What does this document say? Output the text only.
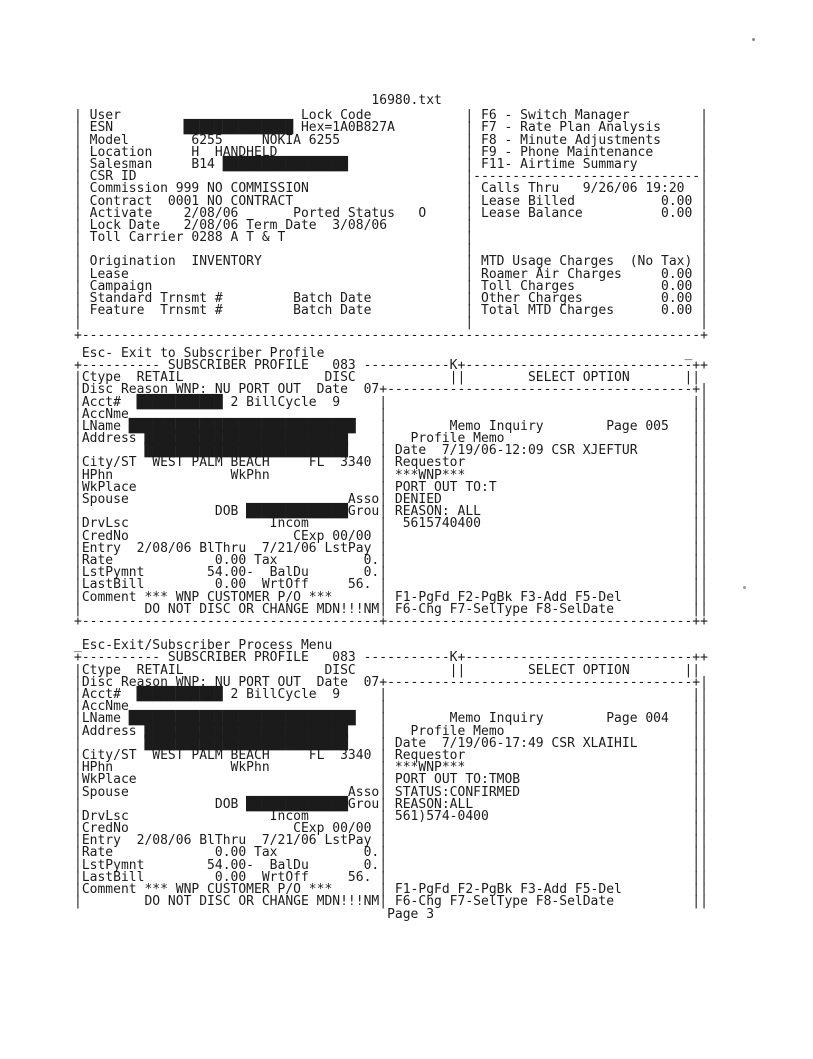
16980.txt
| User                       Lock Code            | F6 - Switch Manager         |
| ESN         ██████████████ Hex=1A0B827A         | F7 - Rate Plan Analysis     |
| Model        6255     NOKIA 6255                | F8 - Minute Adjustments     |
| Location     H  HANDHELD                        | F9 - Phone Maintenance      |
| Salesman     B14 ████████████████               | F11- Airtime Summary        |
| CSR ID                                          |-----------------------------|
| Commission 999 NO COMMISSION                    | Calls Thru   9/26/06 19:20  |
| Contract  0001 NO CONTRACT                      | Lease Billed           0.00 |
| Activate    2/08/06       Ported Status   O     | Lease Balance          0.00 |
| Lock Date   2/08/06 Term Date  3/08/06          |                             |
| Toll Carrier 0288 A T & T                       |                             |
|                                                 |                             |
| Origination  INVENTORY                          | MTD Usage Charges  (No Tax) |
| Lease                                           | Roamer Air Charges     0.00 |
| Campaign                                        | Toll Charges           0.00 |
| Standard Trnsmt #         Batch Date            | Other Charges          0.00 |
| Feature  Trnsmt #         Batch Date            | Total MTD Charges      0.00 |
|                                                 |                             |
+-------------------------------------------------------------------------------+
Esc- Exit to Subscriber Profile                                              _
+---------- SUBSCRIBER PROFILE   083 -----------K+-----------------------------++
|Ctype  RETAIL                  DISC            ||        SELECT OPTION       ||
|Disc Reason WNP: NU PORT OUT  Date  07+---------------------------------------+|
|Acct#  ███████████ 2 BillCycle  9     |                                       ||
|AccNme                                |                                       ||
|LName █████████████████████████████   |        Memo Inquiry        Page 005   ||
|Address ██████████████████████████    |   Profile Memo                        ||
|        ██████████████████████████    | Date  7/19/06-12:09 CSR XJEFTUR       ||
|City/ST  WEST PALM BEACH     FL  3340 | Requestor                             ||
|HPhn               WkPhn              | ***WNP***                             ||
|WkPlace                               | PORT OUT TO:T                         ||
|Spouse                            Asso| DENIED                                ||
|                 DOB █████████████Grou| REASON: ALL                           ||
|DrvLsc                  Incom         |  5615740400                           ||
|CredNo                     CExp 00/00 |                                       ||
|Entry  2/08/06 BlThru  7/21/06 LstPay |                                       ||
|Rate             0.00 Tax           0.|                                       ||
|LstPymnt        54.00-  BalDu       0.|                                       ||
|LastBill         0.00  WrtOff     56. |                                       ||
|Comment *** WNP CUSTOMER P/O ***      | F1-PgFd F2-PgBk F3-Add F5-Del         ||
|        DO NOT DISC OR CHANGE MDN!!!NM| F6-Chg F7-SelType F8-SelDate          ||
+--------------------------------------+---------------------------------------++

_Esc-Exit/Subscriber Process Menu
+---------- SUBSCRIBER PROFILE   083 -----------K+-----------------------------++
|Ctype  RETAIL                  DISC            ||        SELECT OPTION       ||
|Disc Reason WNP: NU PORT OUT  Date  07+---------------------------------------+|
|Acct#  ███████████ 2 BillCycle  9     |                                       ||
|AccNme                                |                                       ||
|LName █████████████████████████████   |        Memo Inquiry        Page 004   ||
|Address ██████████████████████████    |   Profile Memo                        ||
|        ██████████████████████████    | Date  7/19/06-17:49 CSR XLAIHIL       ||
|City/ST  WEST PALM BEACH     FL  3340 | Requestor                             ||
|HPhn               WkPhn              | ***WNP***                             ||
|WkPlace                               | PORT OUT TO:TMOB                      ||
|Spouse                            Asso| STATUS:CONFIRMED                      ||
|                 DOB █████████████Grou| REASON:ALL                            ||
|DrvLsc                  Incom         | 561)574-0400                          ||
|CredNo                     CExp 00/00 |                                       ||
|Entry  2/08/06 BlThru  7/21/06 LstPay |                                       ||
|Rate             0.00 Tax           0.|                                       ||
|LstPymnt        54.00-  BalDu       0.|                                       ||
|LastBill         0.00  WrtOff     56. |                                       ||
|Comment *** WNP CUSTOMER P/O ***      | F1-PgFd F2-PgBk F3-Add F5-Del         ||
|        DO NOT DISC OR CHANGE MDN!!!NM| F6-Chg F7-SelType F8-SelDate          ||
Page 3
